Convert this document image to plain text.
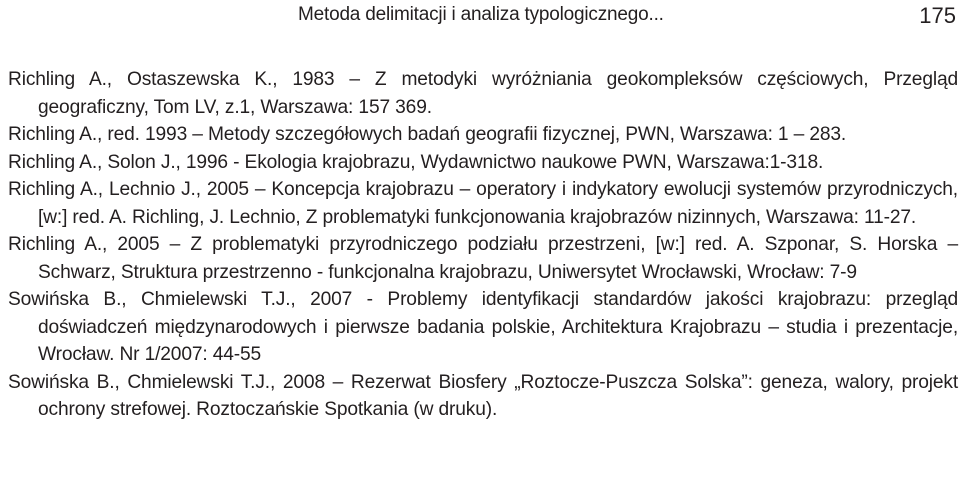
Metoda delimitacji i analiza typologicznego...	175
Richling A., Ostaszewska K., 1983 – Z metodyki wyróżniania geokompleksów częściowych, Przegląd geograficzny, Tom LV, z.1, Warszawa: 157 369.
Richling A., red. 1993 – Metody szczegółowych badań geografii fizycznej, PWN, Warszawa: 1 – 283.
Richling A., Solon J., 1996 - Ekologia krajobrazu, Wydawnictwo naukowe PWN, Warszawa:1-318.
Richling A., Lechnio J., 2005 – Koncepcja krajobrazu – operatory i indykatory ewolucji systemów przyrodniczych, [w:] red. A. Richling, J. Lechnio, Z problematyki funkcjonowania krajobrazów nizinnych, Warszawa: 11-27.
Richling A., 2005 – Z problematyki przyrodniczego podziału przestrzeni, [w:] red. A. Szponar, S. Horska – Schwarz, Struktura przestrzenno - funkcjonalna krajobrazu, Uniwersytet Wrocławski, Wrocław: 7-9
Sowińska B., Chmielewski T.J., 2007 - Problemy identyfikacji standardów jakości krajobrazu: przegląd doświadczeń międzynarodowych i pierwsze badania polskie, Architektura Krajobrazu – studia i prezentacje, Wrocław. Nr 1/2007: 44-55
Sowińska B., Chmielewski T.J., 2008 – Rezerwat Biosfery „Roztocze-Puszcza Solska”: geneza, walory, projekt ochrony strefowej. Roztoczańskie Spotkania (w druku).
